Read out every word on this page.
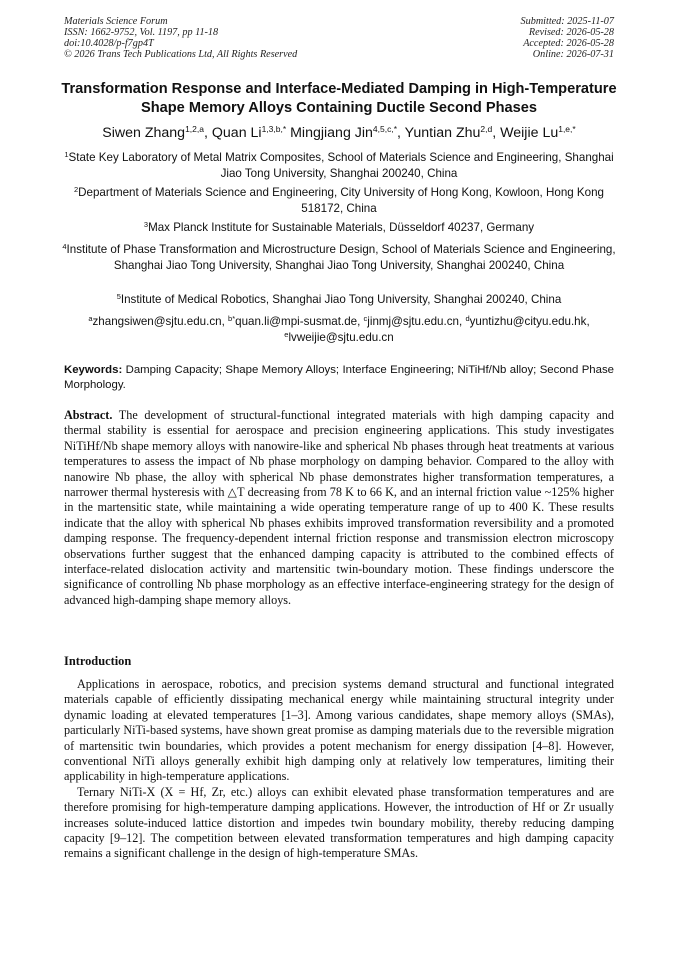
Materials Science Forum
ISSN: 1662-9752, Vol. 1197, pp 11-18
doi:10.4028/p-f7gp4T
© 2026 Trans Tech Publications Ltd, All Rights Reserved
Submitted: 2025-11-07
Revised: 2026-05-28
Accepted: 2026-05-28
Online: 2026-07-31
Transformation Response and Interface-Mediated Damping in High-Temperature Shape Memory Alloys Containing Ductile Second Phases
Siwen Zhang$^{1,2,a}$, Quan $Li^{1,3,b,*}$ Mingjiang Jin$^{4,5,c,*}$, Yuntian Zhu$^{2,d}$, Weijie $Lu^{1,e,*}$
$^1$State Key Laboratory of Metal Matrix Composites, School of Materials Science and Engineering, Shanghai Jiao Tong University, Shanghai 200240, China
$^2$Department of Materials Science and Engineering, City University of Hong Kong, Kowloon, Hong Kong 518172, China
$^3$Max Planck Institute for Sustainable Materials, Düsseldorf 40237, Germany
$^4$Institute of Phase Transformation and Microstructure Design, School of Materials Science and Engineering, Shanghai Jiao Tong University, Shanghai Jiao Tong University, Shanghai 200240, China
$^5$Institute of Medical Robotics, Shanghai Jiao Tong University, Shanghai 200240, China
$^a$zhangsiwen@sjtu.edu.cn, $^{b*}$quan.li@mpi-susmat.de, $^c$jinmj@sjtu.edu.cn, $^d$yuntizhu@cityu.edu.hk, $^e$lvweijie@sjtu.edu.cn
Keywords: Damping Capacity; Shape Memory Alloys; Interface Engineering; NiTiHf/Nb alloy; Second Phase Morphology.
Abstract. The development of structural-functional integrated materials with high damping capacity and thermal stability is essential for aerospace and precision engineering applications. This study investigates NiTiHf/Nb shape memory alloys with nanowire-like and spherical Nb phases through heat treatments at various temperatures to assess the impact of Nb phase morphology on damping behavior. Compared to the alloy with nanowire Nb phase, the alloy with spherical Nb phase demonstrates higher transformation temperatures, a narrower thermal hysteresis with △T decreasing from 78 K to 66 K, and an internal friction value ~125% higher in the martensitic state, while maintaining a wide operating temperature range of up to 400 K. These results indicate that the alloy with spherical Nb phases exhibits improved transformation reversibility and a promoted damping response. The frequency-dependent internal friction response and transmission electron microscopy observations further suggest that the enhanced damping capacity is attributed to the combined effects of interface-related dislocation activity and martensitic twin-boundary motion. These findings underscore the significance of controlling Nb phase morphology as an effective interface-engineering strategy for the design of advanced high-damping shape memory alloys.
Introduction

Applications in aerospace, robotics, and precision systems demand structural and functional integrated materials capable of efficiently dissipating mechanical energy while maintaining structural integrity under dynamic loading at elevated temperatures [1–3]. Among various candidates, shape memory alloys (SMAs), particularly NiTi-based systems, have shown great promise as damping materials due to the reversible migration of martensitic twin boundaries, which provides a potent mechanism for energy dissipation [4–8]. However, conventional NiTi alloys generally exhibit high damping only at relatively low temperatures, limiting their applicability in high-temperature applications.

Ternary NiTi-X (X = Hf, Zr, etc.) alloys can exhibit elevated phase transformation temperatures and are therefore promising for high-temperature damping applications. However, the introduction of Hf or Zr usually increases solute-induced lattice distortion and impedes twin boundary mobility, thereby reducing damping capacity [9–12]. The competition between elevated transformation temperatures and high damping capacity remains a significant challenge in the design of high-temperature SMAs.
